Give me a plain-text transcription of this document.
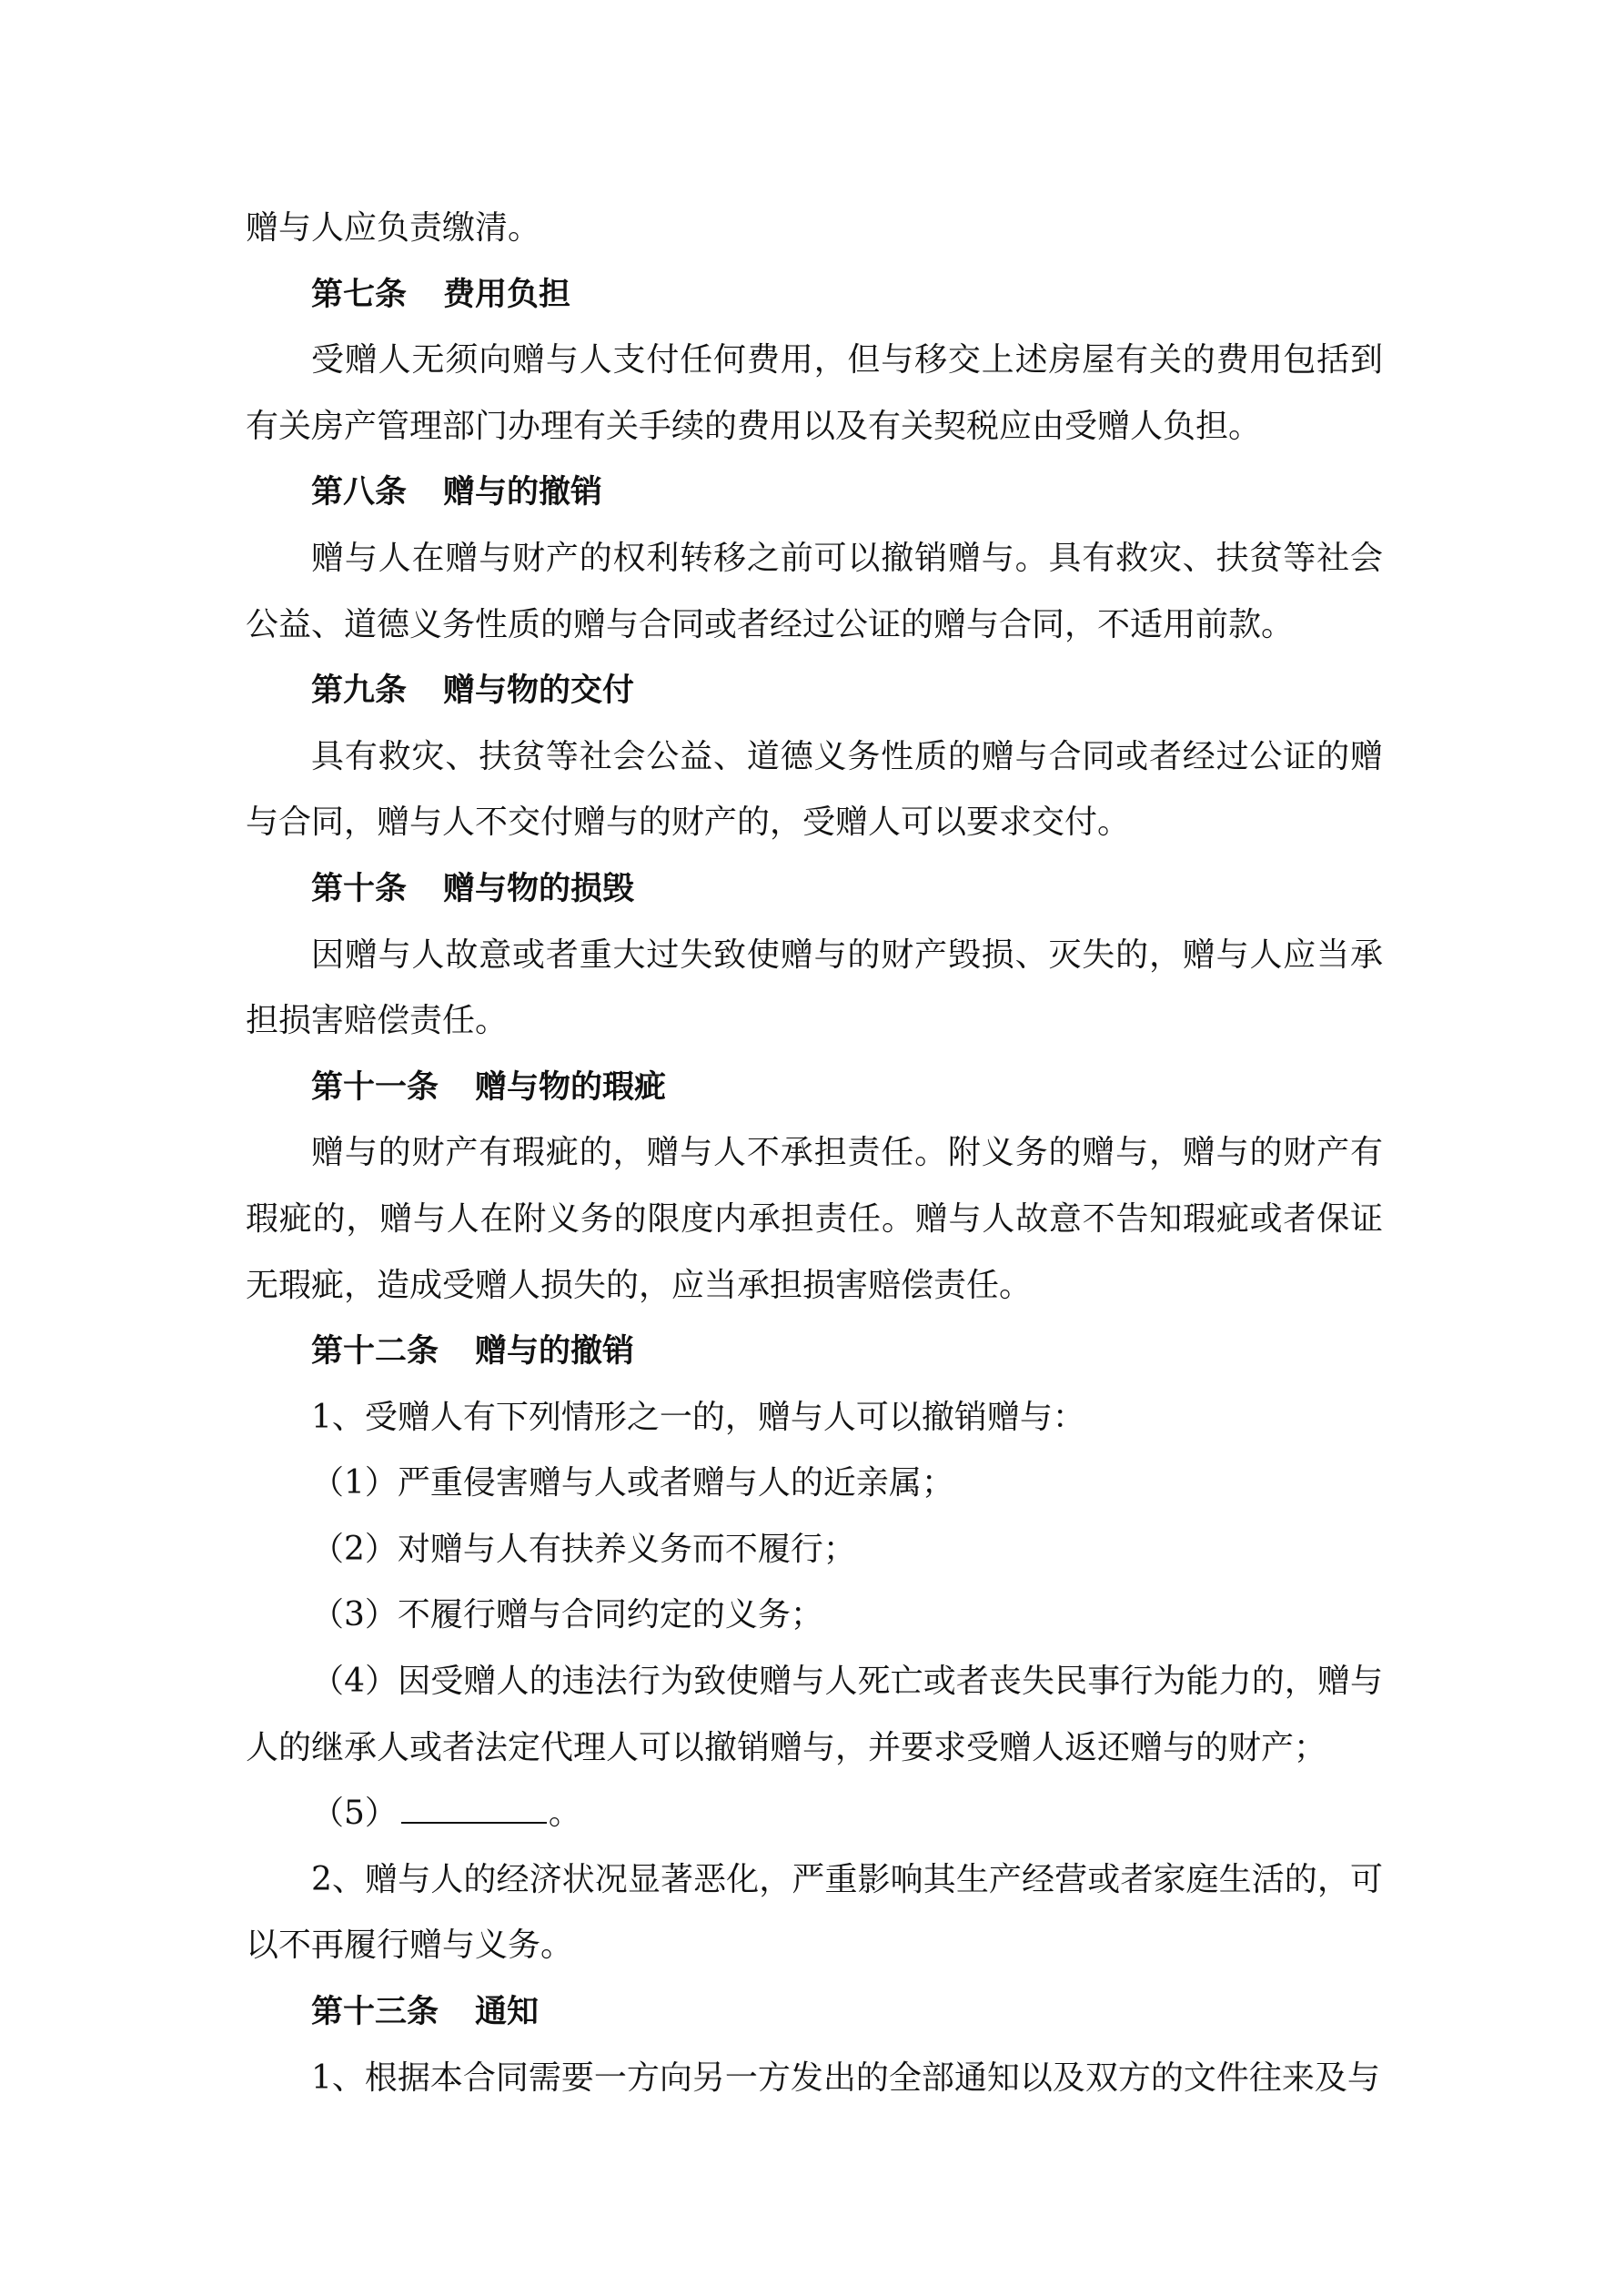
赠与人应负责缴清。

第七条 费用负担

受赠人无须向赠与人支付任何费用，但与移交上述房屋有关的费用包括到有关房产管理部门办理有关手续的费用以及有关契税应由受赠人负担。

第八条 赠与的撤销

赠与人在赠与财产的权利转移之前可以撤销赠与。具有救灾、扶贫等社会公益、道德义务性质的赠与合同或者经过公证的赠与合同，不适用前款。

第九条 赠与物的交付

具有救灾、扶贫等社会公益、道德义务性质的赠与合同或者经过公证的赠与合同，赠与人不交付赠与的财产的，受赠人可以要求交付。

第十条 赠与物的损毁

因赠与人故意或者重大过失致使赠与的财产毁损、灭失的，赠与人应当承担损害赔偿责任。

第十一条 赠与物的瑕疵

赠与的财产有瑕疵的，赠与人不承担责任。附义务的赠与，赠与的财产有瑕疵的，赠与人在附义务的限度内承担责任。赠与人故意不告知瑕疵或者保证无瑕疵，造成受赠人损失的，应当承担损害赔偿责任。

第十二条 赠与的撤销

1、受赠人有下列情形之一的，赠与人可以撤销赠与：

（1）严重侵害赠与人或者赠与人的近亲属；

（2）对赠与人有扶养义务而不履行；

（3）不履行赠与合同约定的义务；

（4）因受赠人的违法行为致使赠与人死亡或者丧失民事行为能力的，赠与人的继承人或者法定代理人可以撤销赠与，并要求受赠人返还赠与的财产；

（5）	。

2、赠与人的经济状况显著恶化，严重影响其生产经营或者家庭生活的，可以不再履行赠与义务。

第十三条 通知

1、根据本合同需要一方向另一方发出的全部通知以及双方的文件往来及与
